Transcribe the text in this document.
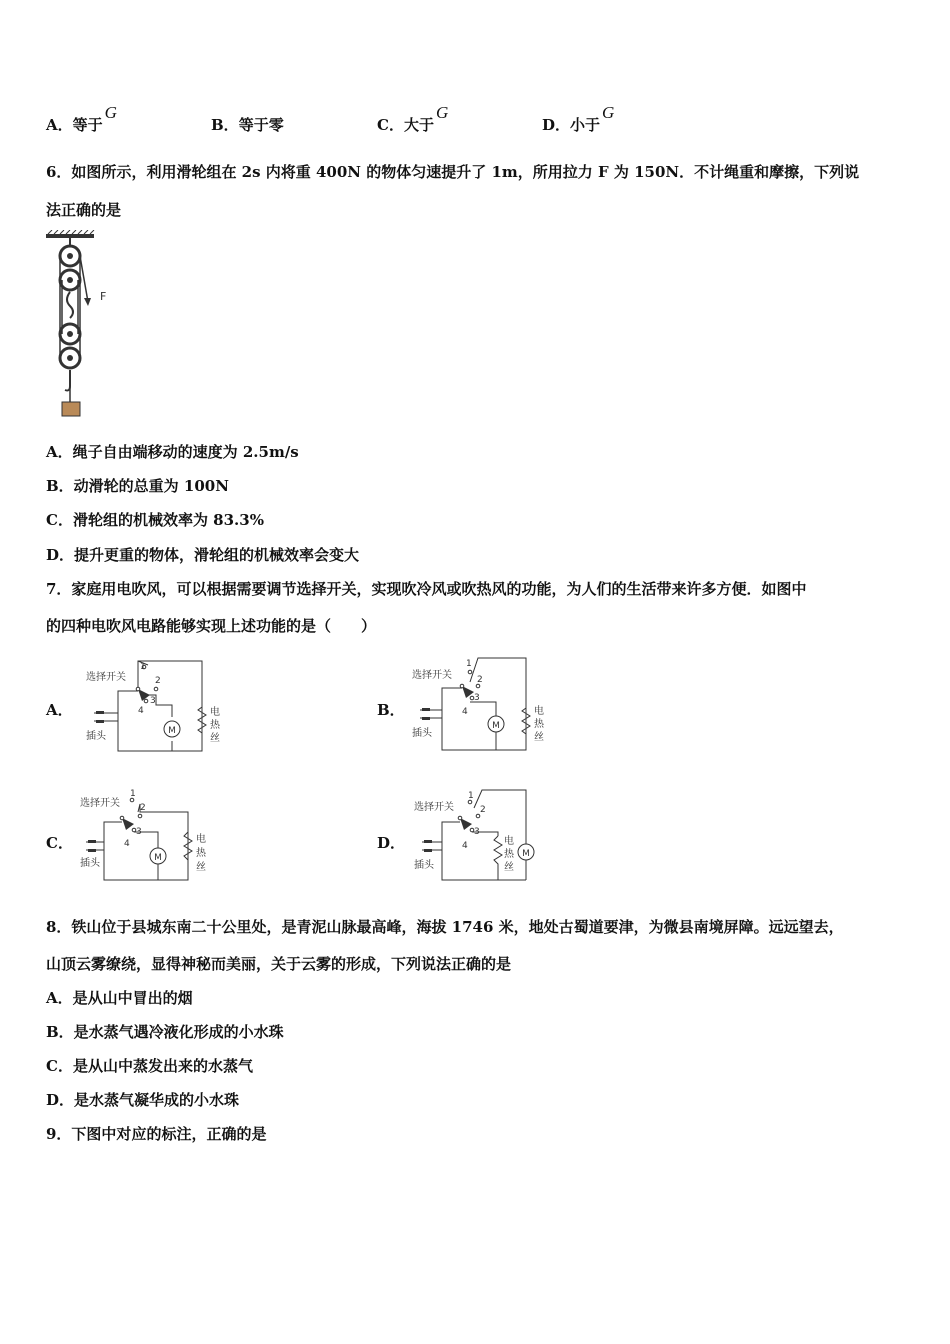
A．等于G
B．等于零	C．大于G
D．小于G
6．如图所示，利用滑轮组在 2s 内将重 400N 的物体匀速提升了 1m，所用拉力 F 为 150N．不计绳重和摩擦，下列说
法正确的是
F
A．绳子自由端移动的速度为 2.5m/s
B．动滑轮的总重为 100N
C．滑轮组的机械效率为 83.3%
D．提升更重的物体，滑轮组的机械效率会变大
7．家庭用电吹风，可以根据需要调节选择开关，实现吹冷风或吹热风的功能，为人们的生活带来许多方便．如图中
的四种电吹风电路能够实现上述功能的是（　　）
A．	B．
C．	D．
M
选择开关
插头
1
2
3
4	电
热
丝
M
选择开关
插头
1
2
3
4	电
热
丝
M
选择开关
插头
1
2
3
4	电
热
丝
M
选择开关
插头
1
2
3
4	电
热
丝
8．铁山位于县城东南二十公里处，是青泥山脉最高峰，海拔 1746 米，地处古蜀道要津，为微县南境屏障。远远望去，
山顶云雾缭绕，显得神秘而美丽，关于云雾的形成，下列说法正确的是
A．是从山中冒出的烟
B．是水蒸气遇冷液化形成的小水珠
C．是从山中蒸发出来的水蒸气
D．是水蒸气凝华成的小水珠
9．下图中对应的标注，正确的是
